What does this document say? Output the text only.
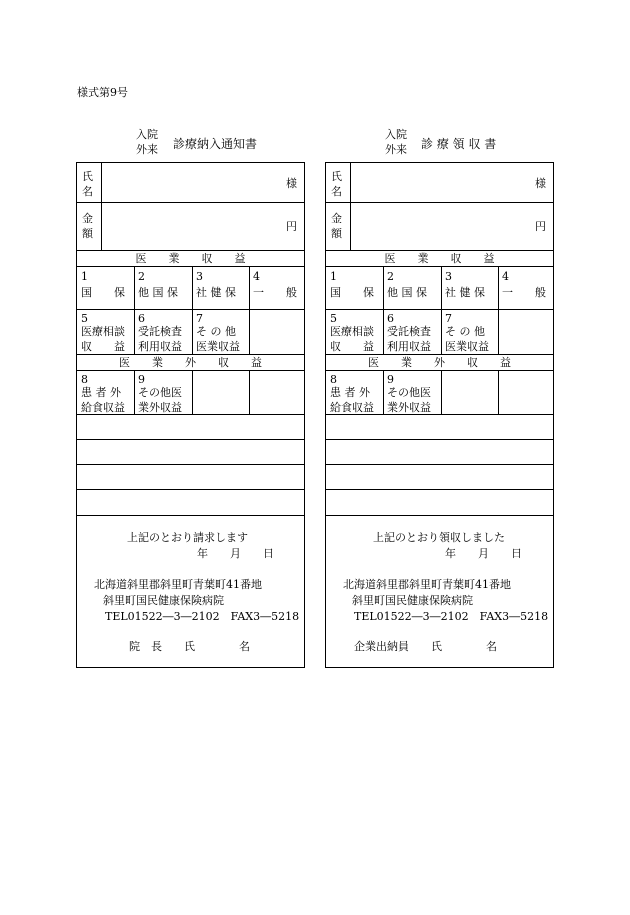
様式第9号
入院
外来 診療納入通知書
氏
名
様
金
額
円
医　　業　　収　　益
1
国　　保
2
他 国 保
3
社 健 保
4
一　　般
5
医療相談
収　　益
6
受託検査
利用収益
7
そ の 他
医業収益
医　　業　　外　　収　　益
8
患 者 外
給食収益
9
その他医
業外収益
上記のとおり請求します
年　　月　　日
北海道斜里郡斜里町青葉町41番地
斜里町国民健康保険病院
TEL01522―3―2102　FAX3―5218
院　長　　氏　　　　名
入院
外来 診 療 領 収 書
氏
名
様
金
額
円
医　　業　　収　　益
1
国　　保
2
他 国 保
3
社 健 保
4
一　　般
5
医療相談
収　　益
6
受託検査
利用収益
7
そ の 他
医業収益
医　　業　　外　　収　　益
8
患 者 外
給食収益
9
その他医
業外収益
上記のとおり領収しました
年　　月　　日
北海道斜里郡斜里町青葉町41番地
斜里町国民健康保険病院
TEL01522―3―2102　FAX3―5218
企業出納員　　氏　　　　名
